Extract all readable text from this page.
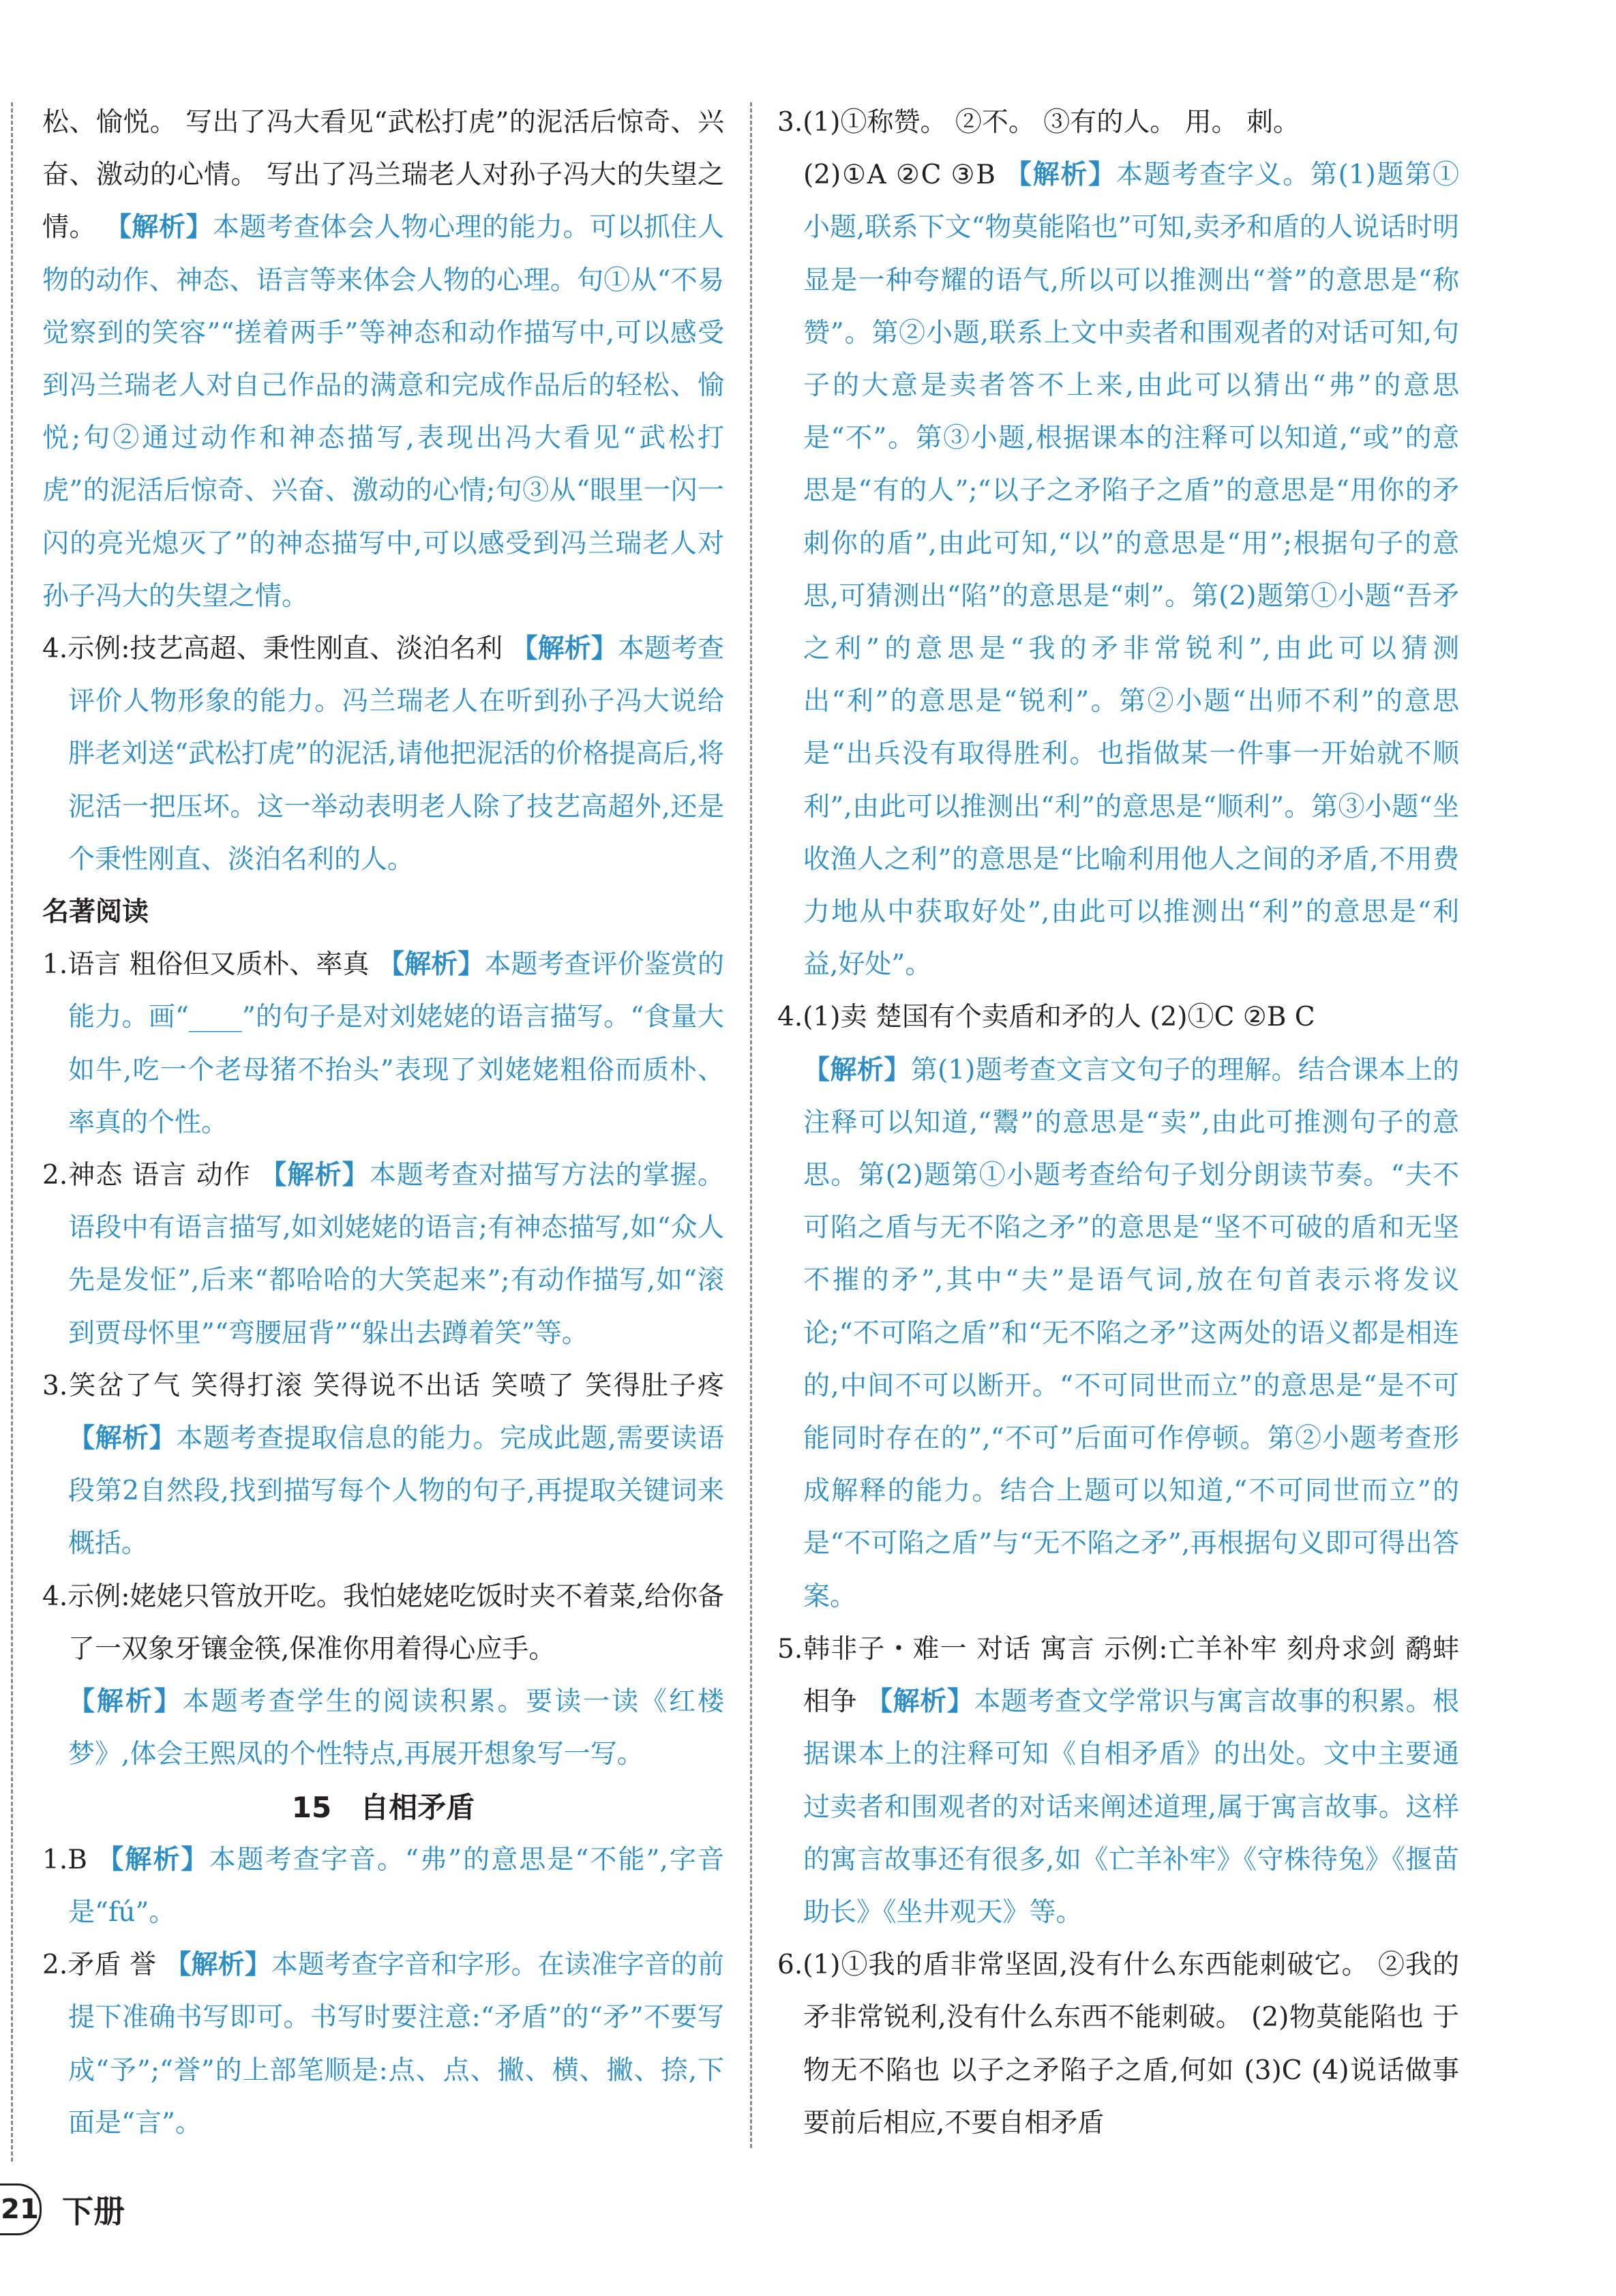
松、愉悦。 写出了冯大看见“武松打虎”的泥活后惊奇、兴奋、激动的心情。 写出了冯兰瑞老人对孙子冯大的失望之情。 【解析】本题考查体会人物心理的能力。可以抓住人物的动作、神态、语言等来体会人物的心理。句①从“不易觉察到的笑容”“搓着两手”等神态和动作描写中,可以感受到冯兰瑞老人对自己作品的满意和完成作品后的轻松、愉悦;句②通过动作和神态描写,表现出冯大看见“武松打虎”的泥活后惊奇、兴奋、激动的心情;句③从“眼里一闪一闪的亮光熄灭了”的神态描写中,可以感受到冯兰瑞老人对孙子冯大的失望之情。

4.示例:技艺高超、秉性刚直、淡泊名利 【解析】本题考查评价人物形象的能力。冯兰瑞老人在听到孙子冯大说给胖老刘送“武松打虎”的泥活,请他把泥活的价格提高后,将泥活一把压坏。这一举动表明老人除了技艺高超外,还是个秉性刚直、淡泊名利的人。

名著阅读

1.语言 粗俗但又质朴、率真 【解析】本题考查评价鉴赏的能力。画“____”的句子是对刘姥姥的语言描写。“食量大如牛,吃一个老母猪不抬头”表现了刘姥姥粗俗而质朴、率真的个性。

2.神态 语言 动作 【解析】本题考查对描写方法的掌握。语段中有语言描写,如刘姥姥的语言;有神态描写,如“众人先是发怔”,后来“都哈哈的大笑起来”;有动作描写,如“滚到贾母怀里”“弯腰屈背”“躲出去蹲着笑”等。

3.笑岔了气 笑得打滚 笑得说不出话 笑喷了 笑得肚子疼 【解析】本题考查提取信息的能力。完成此题,需要读语段第2自然段,找到描写每个人物的句子,再提取关键词来概括。

4.示例:姥姥只管放开吃。我怕姥姥吃饭时夹不着菜,给你备了一双象牙镶金筷,保准你用着得心应手。

【解析】本题考查学生的阅读积累。要读一读《红楼梦》,体会王熙凤的个性特点,再展开想象写一写。

15　自相矛盾

1.B 【解析】本题考查字音。“弗”的意思是“不能”,字音是“fú”。

2.矛盾 誉 【解析】本题考查字音和字形。在读准字音的前提下准确书写即可。书写时要注意:“矛盾”的“矛”不要写成“予”;“誉”的上部笔顺是:点、点、撇、横、撇、捺,下面是“言”。

3.(1)①称赞。 ②不。 ③有的人。 用。 刺。

(2)①A ②C ③B 【解析】本题考查字义。第(1)题第①小题,联系下文“物莫能陷也”可知,卖矛和盾的人说话时明显是一种夸耀的语气,所以可以推测出“誉”的意思是“称赞”。第②小题,联系上文中卖者和围观者的对话可知,句子的大意是卖者答不上来,由此可以猜出“弗”的意思是“不”。第③小题,根据课本的注释可以知道,“或”的意思是“有的人”;“以子之矛陷子之盾”的意思是“用你的矛刺你的盾”,由此可知,“以”的意思是“用”;根据句子的意思,可猜测出“陷”的意思是“刺”。第(2)题第①小题“吾矛之利”的意思是“我的矛非常锐利”,由此可以猜测出“利”的意思是“锐利”。第②小题“出师不利”的意思是“出兵没有取得胜利。也指做某一件事一开始就不顺利”,由此可以推测出“利”的意思是“顺利”。第③小题“坐收渔人之利”的意思是“比喻利用他人之间的矛盾,不用费力地从中获取好处”,由此可以推测出“利”的意思是“利益,好处”。

4.(1)卖 楚国有个卖盾和矛的人 (2)①C ②B C

【解析】第(1)题考查文言文句子的理解。结合课本上的注释可以知道,“鬻”的意思是“卖”,由此可推测句子的意思。第(2)题第①小题考查给句子划分朗读节奏。“夫不可陷之盾与无不陷之矛”的意思是“坚不可破的盾和无坚不摧的矛”,其中“夫”是语气词,放在句首表示将发议论;“不可陷之盾”和“无不陷之矛”这两处的语义都是相连的,中间不可以断开。“不可同世而立”的意思是“是不可能同时存在的”,“不可”后面可作停顿。第②小题考查形成解释的能力。结合上题可以知道,“不可同世而立”的是“不可陷之盾”与“无不陷之矛”,再根据句义即可得出答案。

5.韩非子・难一 对话 寓言 示例:亡羊补牢 刻舟求剑 鹬蚌相争 【解析】本题考查文学常识与寓言故事的积累。根据课本上的注释可知《自相矛盾》的出处。文中主要通过卖者和围观者的对话来阐述道理,属于寓言故事。这样的寓言故事还有很多,如《亡羊补牢》《守株待兔》《揠苗助长》《坐井观天》等。

6.(1)①我的盾非常坚固,没有什么东西能刺破它。 ②我的矛非常锐利,没有什么东西不能刺破。 (2)物莫能陷也 于物无不陷也 以子之矛陷子之盾,何如 (3)C (4)说话做事要前后相应,不要自相矛盾

21 下册
